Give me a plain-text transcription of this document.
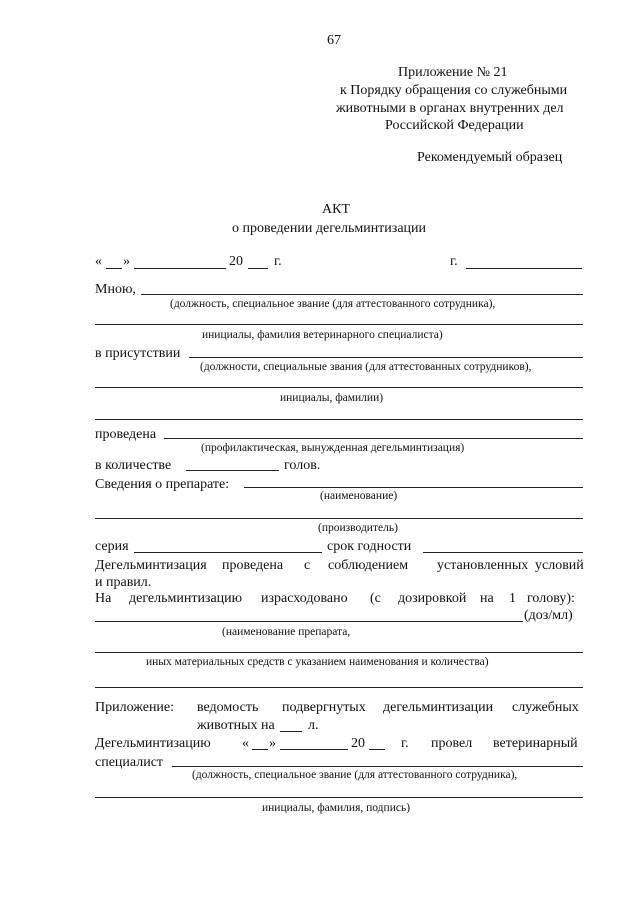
67
Приложение № 21
к Порядку обращения со служебными
животными в органах внутренних дел
Российской Федерации
Рекомендуемый образец
АКТ
о проведении дегельминтизации
« »	20 г.	г.
Мною,
(должность, специальное звание (для аттестованного сотрудника),
инициалы, фамилия ветеринарного специалиста)
в присутствии
(должности, специальные звания (для аттестованных сотрудников),
инициалы, фамилии)
проведена
(профилактическая, вынужденная дегельминтизация)
в количестве	голов.
Сведения о препарате:
(наименование)
(производитель)
серия	срок годности
Дегельминтизация проведена с соблюдением установленных условий
и правил.
На дегельминтизацию израсходовано (с дозировкой на 1 голову):
(доз/мл)
(наименование препарата,
иных материальных средств с указанием наименования и количества)
Приложение: ведомость подвергнутых дегельминтизации служебных
животных на л.
Дегельминтизацию « »	20	г. провел ветеринарный
специалист
(должность, специальное звание (для аттестованного сотрудника),
инициалы, фамилия, подпись)
